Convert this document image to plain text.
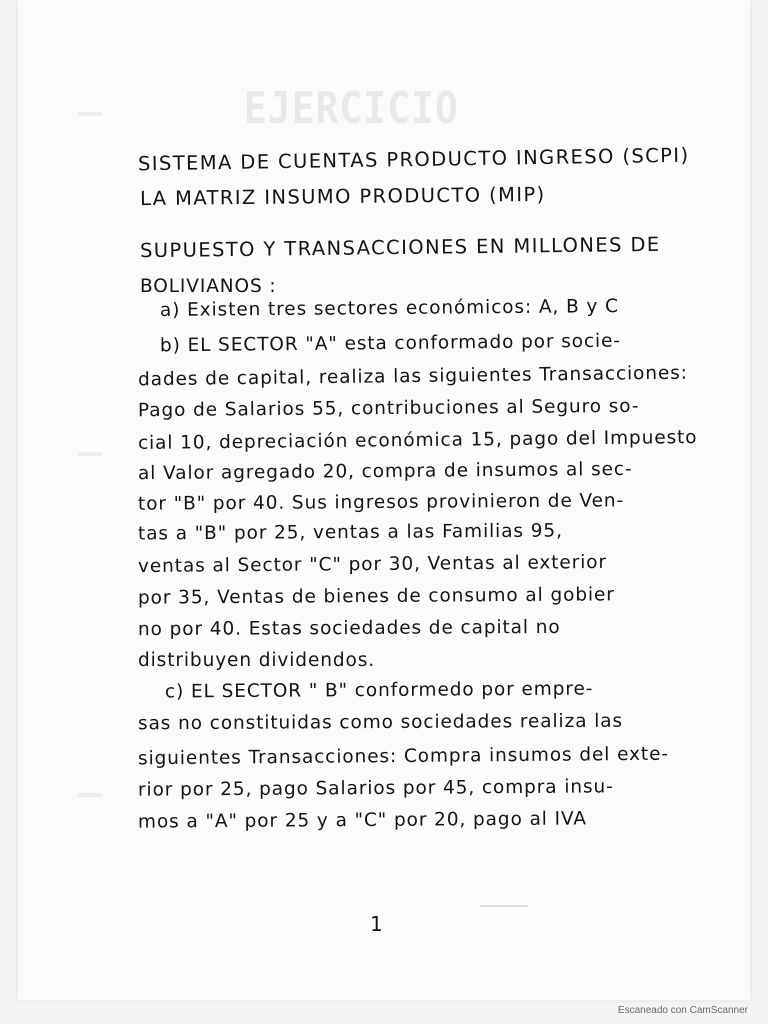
EJERCICIO
SISTEMA DE CUENTAS PRODUCTO INGRESO (SCPI)
LA MATRIZ INSUMO PRODUCTO (MIP)
SUPUESTO Y TRANSACCIONES EN MILLONES DE
BOLIVIANOS :
a) Existen tres sectores económicos: A, B y C
b) EL SECTOR "A" esta conformado por socie-
dades de capital, realiza las siguientes Transacciones:
Pago de Salarios 55, contribuciones al Seguro so-
cial 10, depreciación económica 15, pago del Impuesto
al Valor agregado 20, compra de insumos al sec-
tor "B" por 40. Sus ingresos provinieron de Ven-
tas a "B" por 25, ventas a las Familias 95,
ventas al Sector "C" por 30, Ventas al exterior
por 35, Ventas de bienes de consumo al gobier
no por 40. Estas sociedades de capital no
distribuyen dividendos.
c) EL SECTOR " B" conformedo por empre-
sas no constituidas como sociedades realiza las
siguientes Transacciones: Compra insumos del exte-
rior por 25, pago Salarios por 45, compra insu-
mos a "A" por 25 y a "C" por 20, pago al IVA
1
Escaneado con CamScanner
